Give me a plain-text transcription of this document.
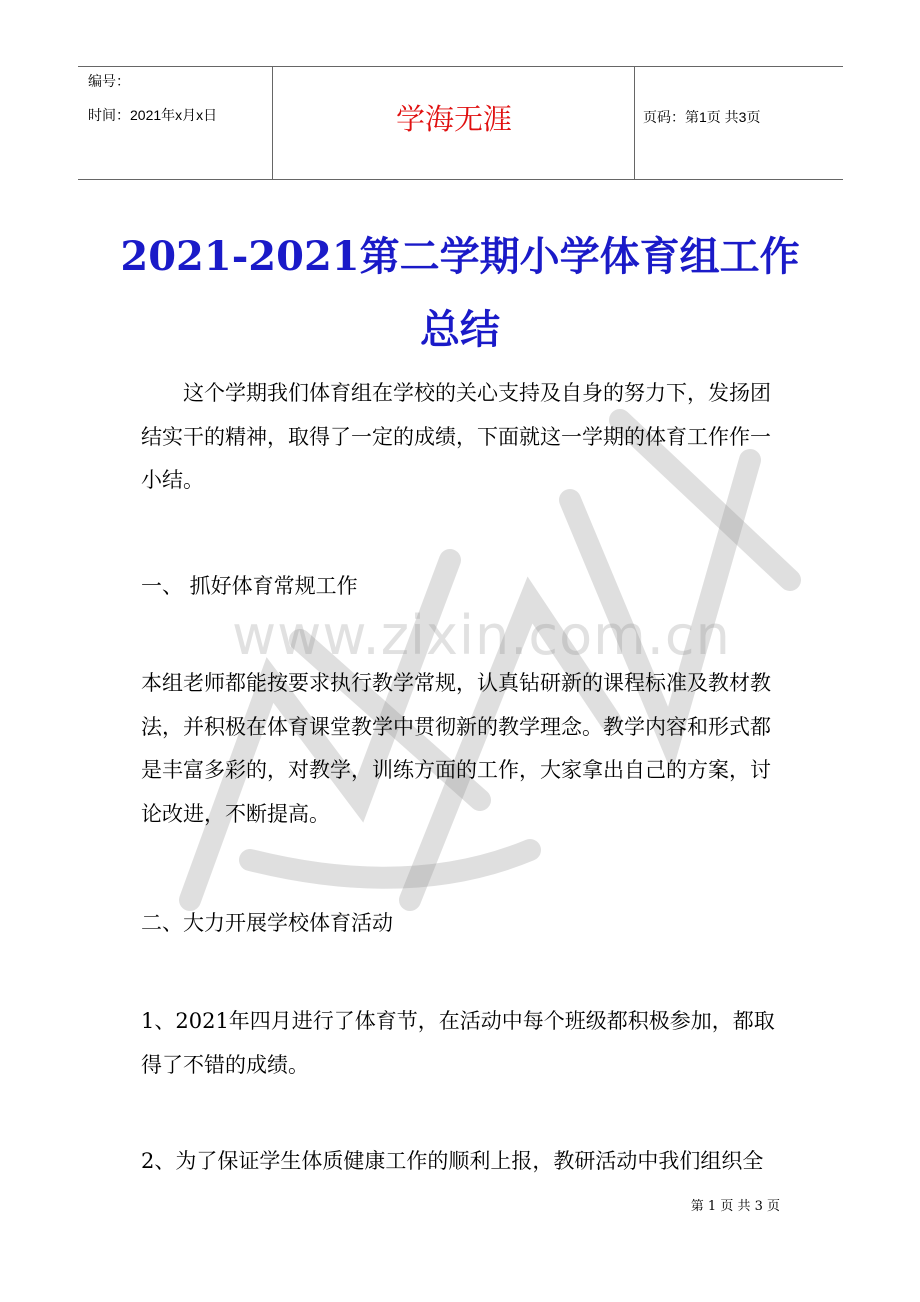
编号：
时间：2021年x月x日	学海无涯	页码：第1页 共3页
2021-2021第二学期小学体育组工作
总结
www.zixin.com.cn
这个学期我们体育组在学校的关心支持及自身的努力下，发扬团结实干的精神，取得了一定的成绩，下面就这一学期的体育工作作一小结。
一、 抓好体育常规工作
本组老师都能按要求执行教学常规，认真钻研新的课程标准及教材教法，并积极在体育课堂教学中贯彻新的教学理念。教学内容和形式都是丰富多彩的，对教学，训练方面的工作，大家拿出自己的方案，讨论改进，不断提高。
二、大力开展学校体育活动
1、2021年四月进行了体育节，在活动中每个班级都积极参加，都取得了不错的成绩。
2、为了保证学生体质健康工作的顺利上报，教研活动中我们组织全
第 1 页 共 3 页
